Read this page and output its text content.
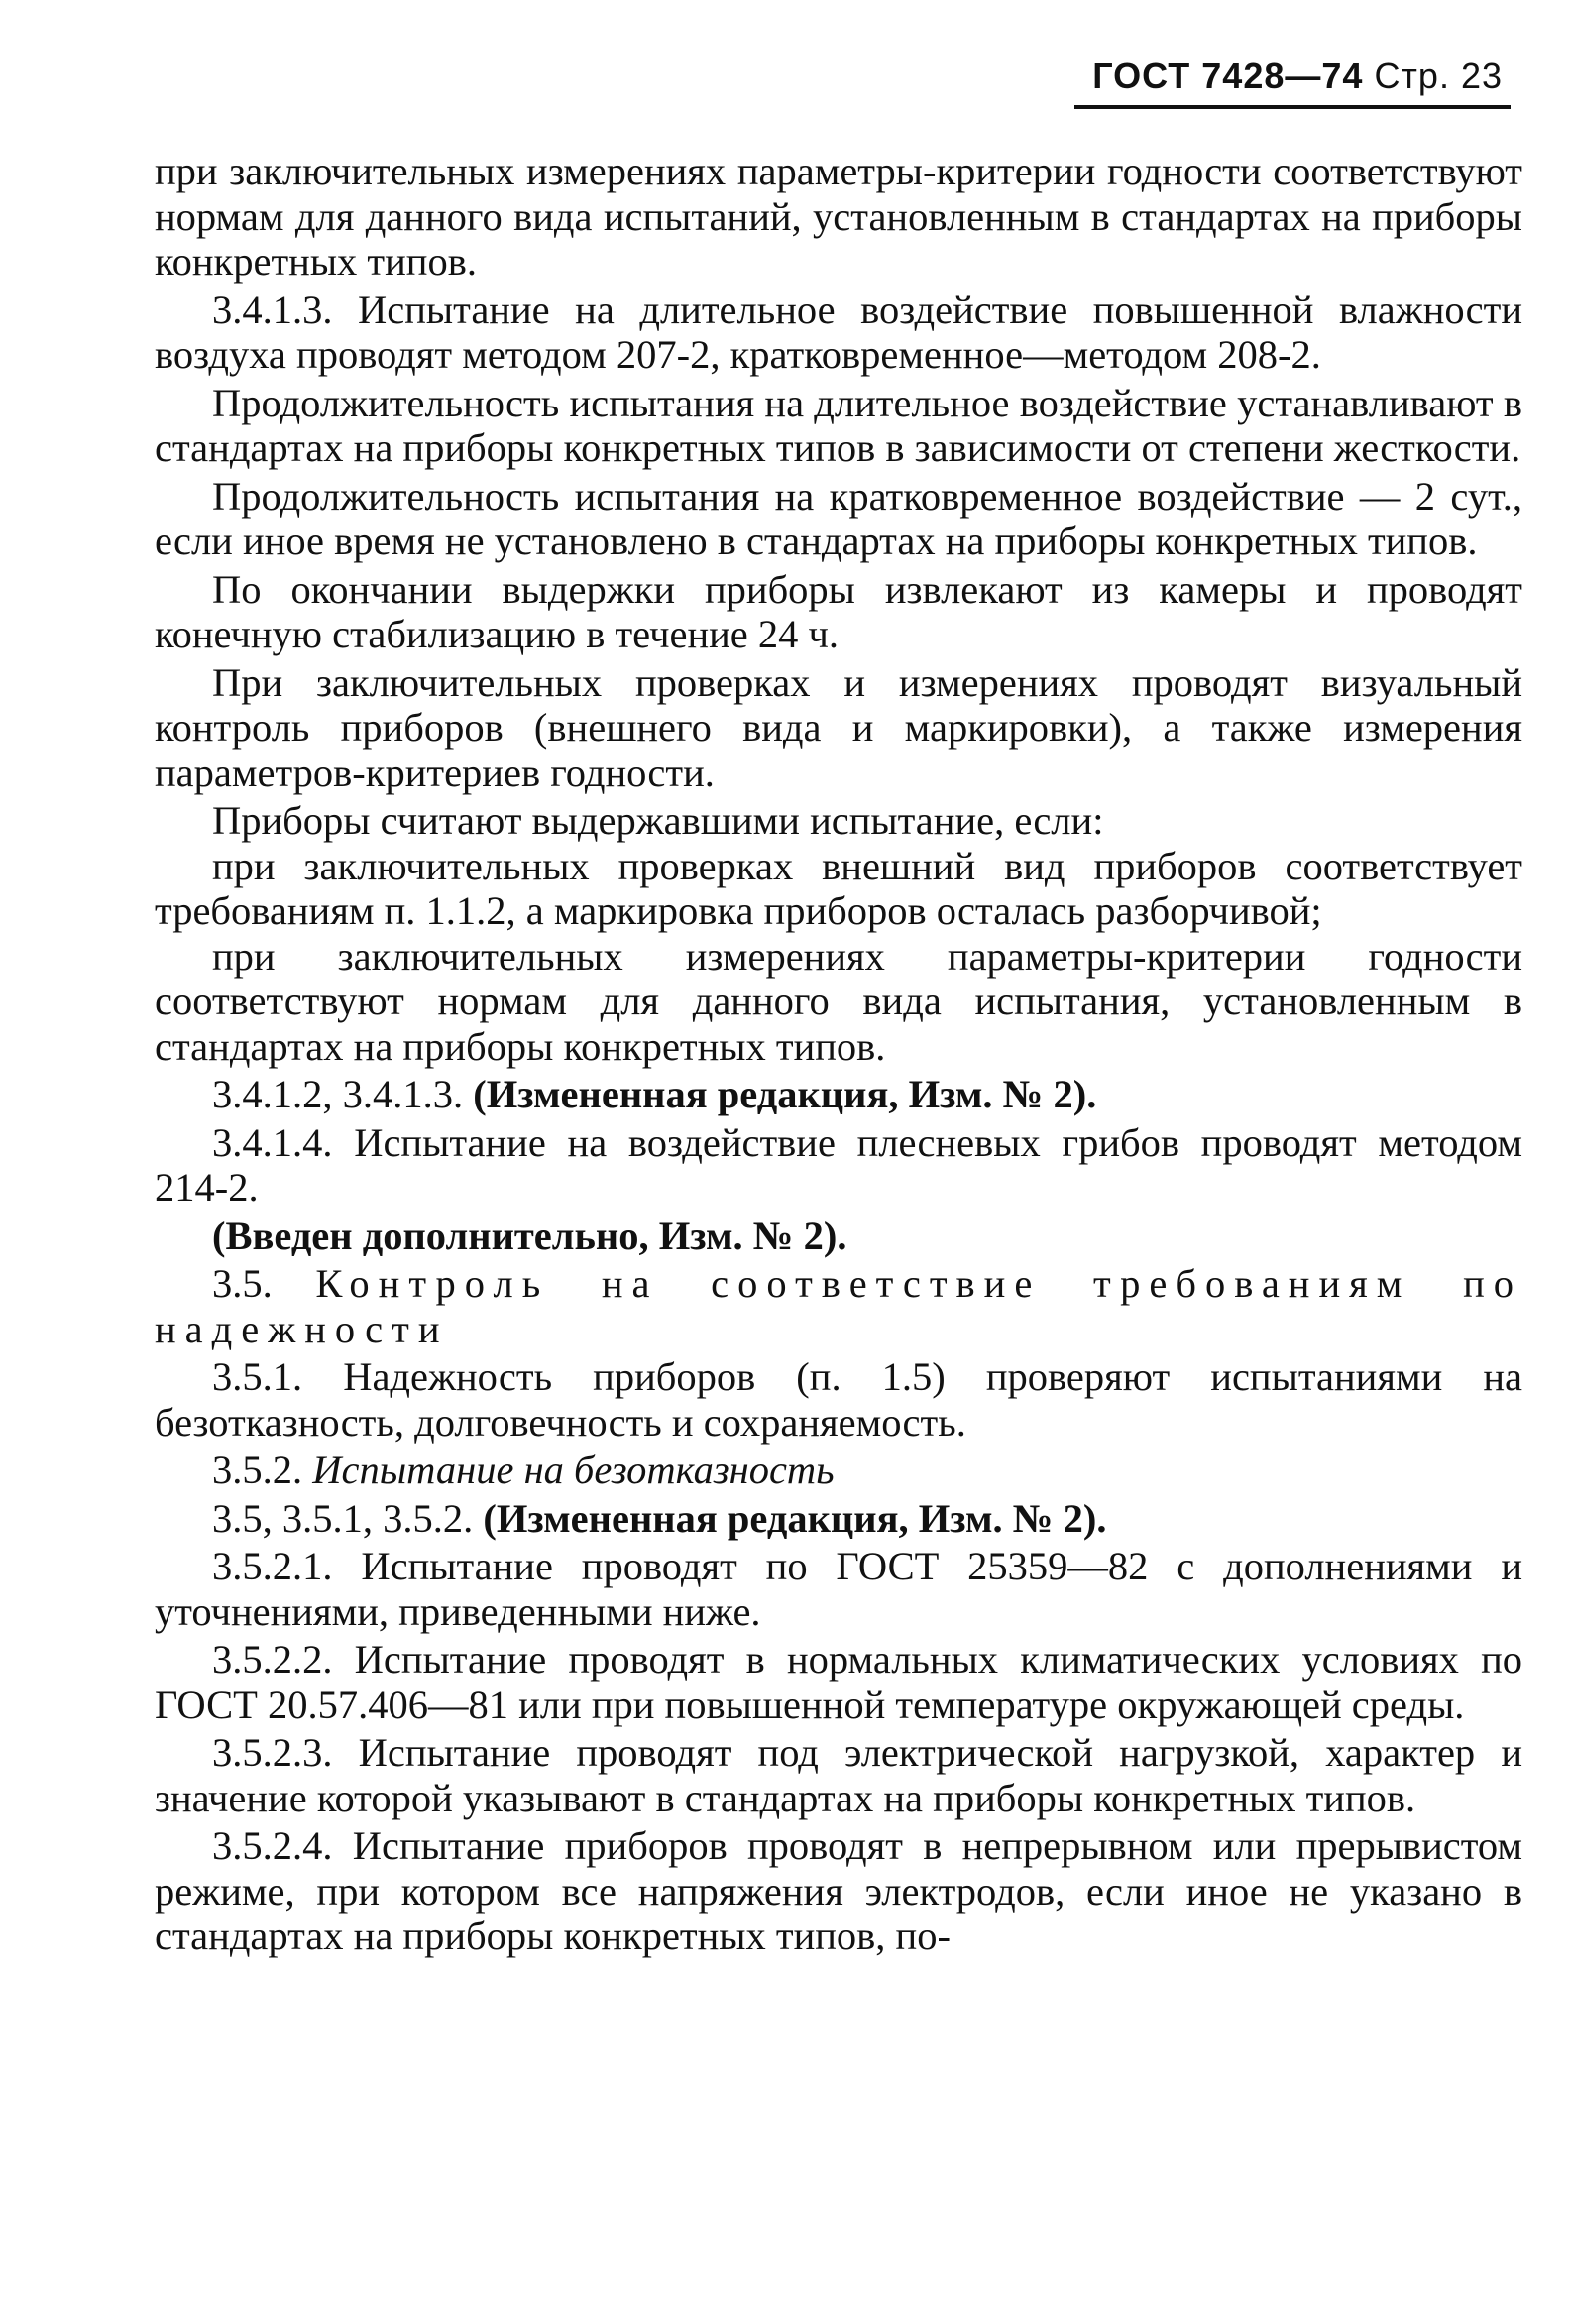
ГОСТ 7428—74 Стр. 23

при заключительных измерениях параметры-критерии годности соответствуют нормам для данного вида испытаний, установленным в стандартах на приборы конкретных типов.

3.4.1.3. Испытание на длительное воздействие повышенной влажности воздуха проводят методом 207-2, кратковременное—методом 208-2.

Продолжительность испытания на длительное воздействие устанавливают в стандартах на приборы конкретных типов в зависимости от степени жесткости.

Продолжительность испытания на кратковременное воздействие — 2 сут., если иное время не установлено в стандартах на приборы конкретных типов.

По окончании выдержки приборы извлекают из камеры и проводят конечную стабилизацию в течение 24 ч.

При заключительных проверках и измерениях проводят визуальный контроль приборов (внешнего вида и маркировки), а также измерения параметров-критериев годности.

Приборы считают выдержавшими испытание, если:

при заключительных проверках внешний вид приборов соответствует требованиям п. 1.1.2, а маркировка приборов осталась разборчивой;

при заключительных измерениях параметры-критерии годности соответствуют нормам для данного вида испытания, установленным в стандартах на приборы конкретных типов.

3.4.1.2, 3.4.1.3. (Измененная редакция, Изм. № 2).

3.4.1.4. Испытание на воздействие плесневых грибов проводят методом 214-2.

(Введен дополнительно, Изм. № 2).

3.5. Контроль на соответствие требованиям по надежности

3.5.1. Надежность приборов (п. 1.5) проверяют испытаниями на безотказность, долговечность и сохраняемость.

3.5.2. Испытание на безотказность

3.5, 3.5.1, 3.5.2. (Измененная редакция, Изм. № 2).

3.5.2.1. Испытание проводят по ГОСТ 25359—82 с дополнениями и уточнениями, приведенными ниже.

3.5.2.2. Испытание проводят в нормальных климатических условиях по ГОСТ 20.57.406—81 или при повышенной температуре окружающей среды.

3.5.2.3. Испытание проводят под электрической нагрузкой, характер и значение которой указывают в стандартах на приборы конкретных типов.

3.5.2.4. Испытание приборов проводят в непрерывном или прерывистом режиме, при котором все напряжения электродов, если иное не указано в стандартах на приборы конкретных типов, по-
